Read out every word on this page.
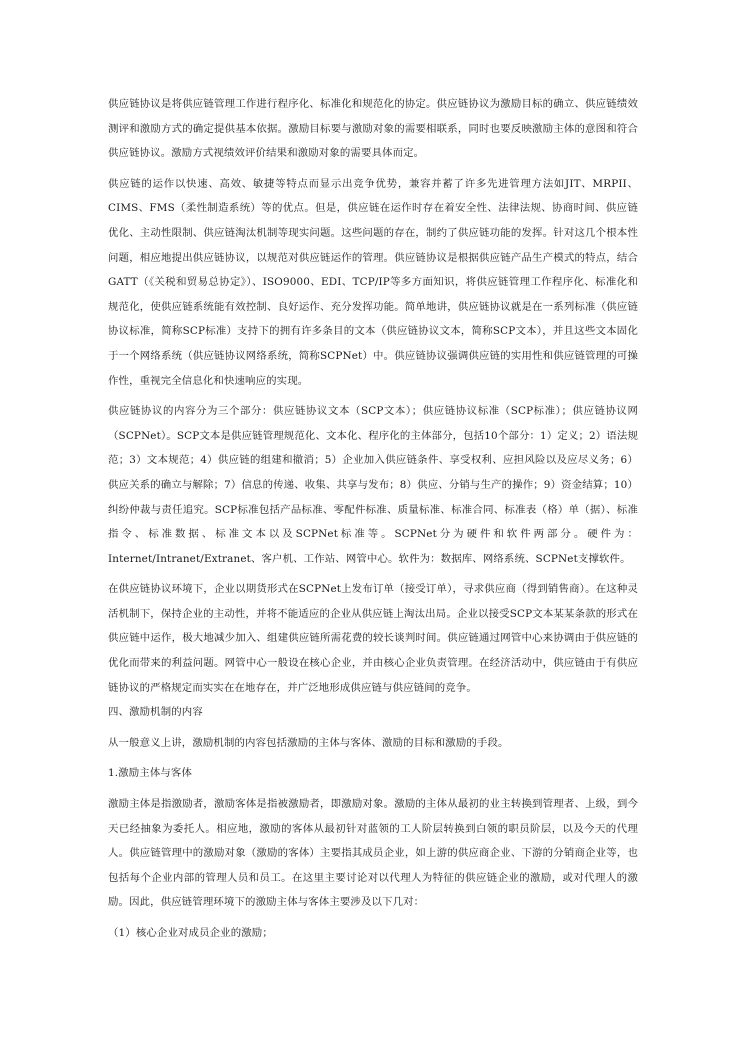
供应链协议是将供应链管理工作进行程序化、标准化和规范化的协定。供应链协议为激励目标的确立、供应链绩效测评和激励方式的确定提供基本依据。激励目标要与激励对象的需要相联系，同时也要反映激励主体的意图和符合供应链协议。激励方式视绩效评价结果和激励对象的需要具体而定。

供应链的运作以快速、高效、敏捷等特点而显示出竞争优势，兼容并蓄了许多先进管理方法如JIT、MRPII、CIMS、FMS（柔性制造系统）等的优点。但是，供应链在运作时存在着安全性、法律法规、协商时间、供应链优化、主动性限制、供应链淘汰机制等现实问题。这些问题的存在，制约了供应链功能的发挥。针对这几个根本性问题，相应地提出供应链协议，以规范对供应链运作的管理。供应链协议是根据供应链产品生产模式的特点，结合GATT（《关税和贸易总协定》）、ISO9000、EDI、TCP/IP等多方面知识，将供应链管理工作程序化、标准化和规范化，使供应链系统能有效控制、良好运作、充分发挥功能。简单地讲，供应链协议就是在一系列标准（供应链协议标准，简称SCP标准）支持下的拥有许多条目的文本（供应链协议文本，简称SCP文本），并且这些文本固化于一个网络系统（供应链协议网络系统，简称SCPNet）中。供应链协议强调供应链的实用性和供应链管理的可操作性，重视完全信息化和快速响应的实现。

供应链协议的内容分为三个部分：供应链协议文本（SCP文本）；供应链协议标准（SCP标准）；供应链协议网（SCPNet）。SCP文本是供应链管理规范化、文本化、程序化的主体部分，包括10个部分：1）定义；2）语法规范；3）文本规范；4）供应链的组建和撤消；5）企业加入供应链条件、享受权利、应担风险以及应尽义务；6）供应关系的确立与解除；7）信息的传递、收集、共享与发布；8）供应、分销与生产的操作；9）资金结算；10）纠纷仲裁与责任追究。SCP标准包括产品标准、零配件标准、质量标准、标准合同、标准表（格）单（据）、标准指令、标准数据、标准文本以及SCPNet标准等。SCPNet分为硬件和软件两部分。硬件为：Internet/Intranet/Extranet、客户机、工作站、网管中心。软件为：数据库、网络系统、SCPNet支撑软件。

在供应链协议环境下，企业以期货形式在SCPNet上发布订单（接受订单），寻求供应商（得到销售商）。在这种灵活机制下，保持企业的主动性，并将不能适应的企业从供应链上淘汰出局。企业以接受SCP文本某某条款的形式在供应链中运作，极大地减少加入、组建供应链所需花费的较长谈判时间。供应链通过网管中心来协调由于供应链的优化而带来的利益问题。网管中心一般设在核心企业，并由核心企业负责管理。在经济活动中，供应链由于有供应链协议的严格规定而实实在在地存在，并广泛地形成供应链与供应链间的竞争。

四、激励机制的内容

从一般意义上讲，激励机制的内容包括激励的主体与客体、激励的目标和激励的手段。

1.激励主体与客体

激励主体是指激励者，激励客体是指被激励者，即激励对象。激励的主体从最初的业主转换到管理者、上级，到今天已经抽象为委托人。相应地，激励的客体从最初针对蓝领的工人阶层转换到白领的职员阶层，以及今天的代理人。供应链管理中的激励对象（激励的客体）主要指其成员企业，如上游的供应商企业、下游的分销商企业等，也包括每个企业内部的管理人员和员工。在这里主要讨论对以代理人为特征的供应链企业的激励，或对代理人的激励。因此，供应链管理环境下的激励主体与客体主要涉及以下几对：

（1）核心企业对成员企业的激励；
